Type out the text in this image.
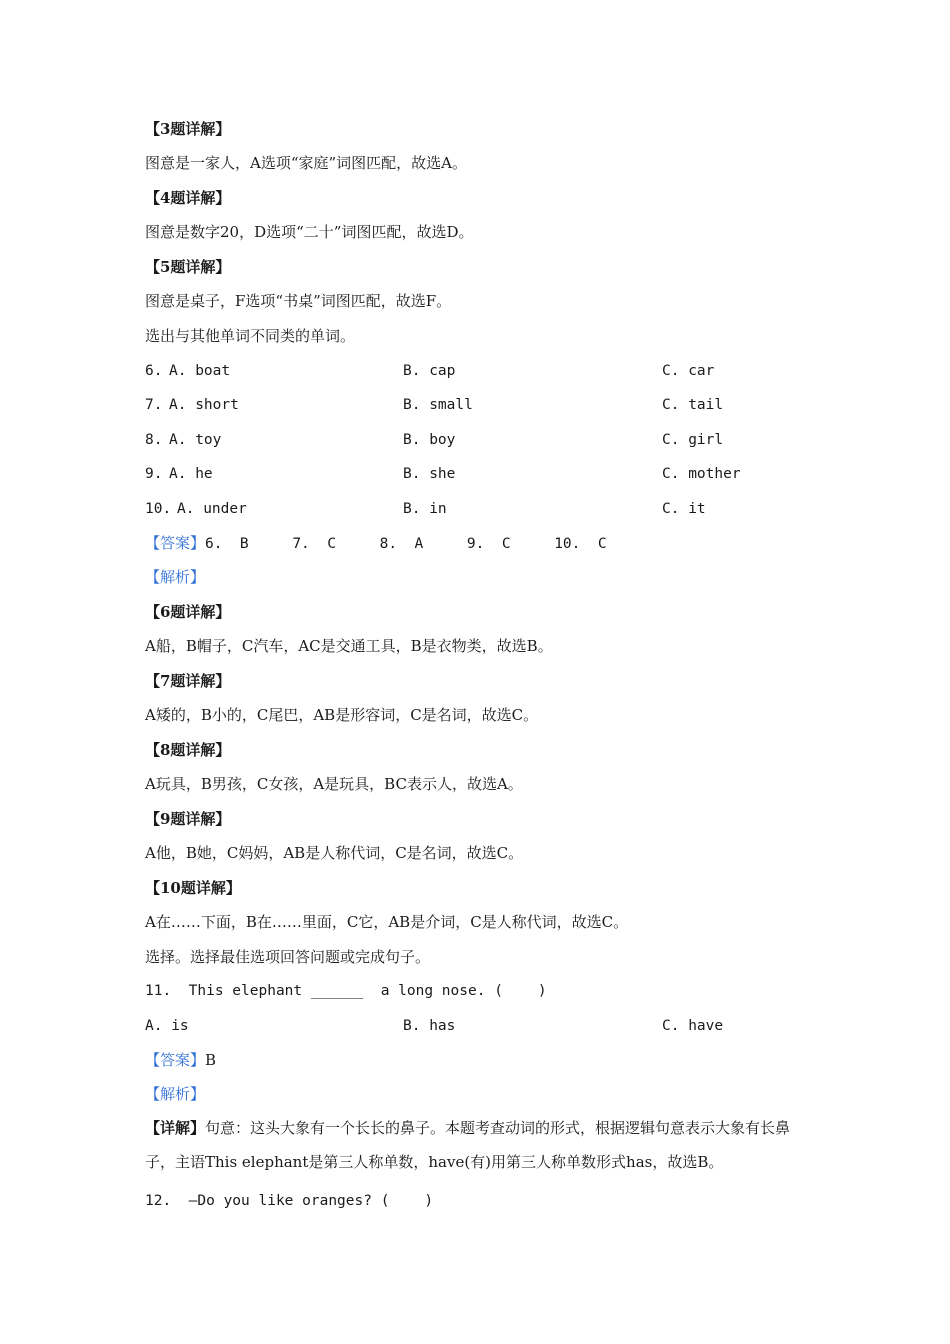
【3题详解】
图意是一家人，A选项“家庭”词图匹配，故选A。
【4题详解】
图意是数字20，D选项“二十”词图匹配，故选D。
【5题详解】
图意是桌子，F选项“书桌”词图匹配，故选F。
选出与其他单词不同类的单词。
6. A. boat	B. cap	C. car
7. A. short	B. small	C. tail
8. A. toy	B. boy	C. girl
9. A. he	B. she	C. mother
10. A. under	B. in	C. it
【答案】6.  B     7.  C     8.  A     9.  C     10.  C
【解析】
【6题详解】
A船，B帽子，C汽车，AC是交通工具，B是衣物类，故选B。
【7题详解】
A矮的，B小的，C尾巴，AB是形容词，C是名词，故选C。
【8题详解】
A玩具，B男孩，C女孩，A是玩具，BC表示人，故选A。
【9题详解】
A他，B她，C妈妈，AB是人称代词，C是名词，故选C。
【10题详解】
A在……下面，B在……里面，C它，AB是介词，C是人称代词，故选C。
选择。选择最佳选项回答问题或完成句子。
11.  This elephant ______  a long nose. (    )
A. is	B. has	C. have
【答案】B
【解析】
【详解】句意：这头大象有一个长长的鼻子。本题考查动词的形式，根据逻辑句意表示大象有长鼻子，主语This elephant是第三人称单数，have(有)用第三人称单数形式has，故选B。
12.  —Do you like oranges? (    )
